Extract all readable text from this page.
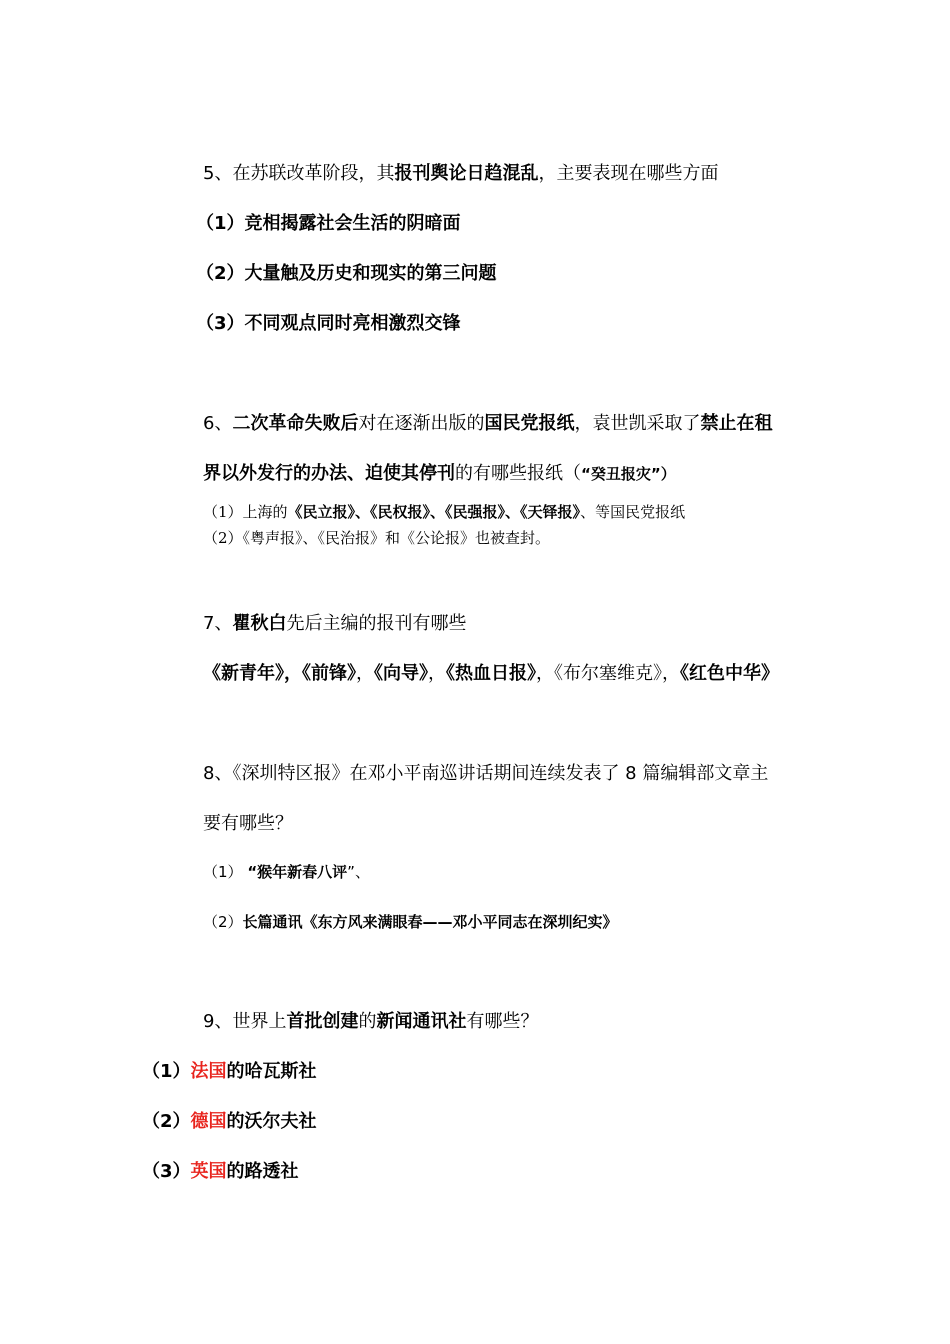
5、在苏联改革阶段，其报刊舆论日趋混乱，主要表现在哪些方面
（1）竞相揭露社会生活的阴暗面
（2）大量触及历史和现实的第三问题
（3）不同观点同时亮相激烈交锋
6、二次革命失败后对在逐渐出版的国民党报纸，袁世凯采取了禁止在租
界以外发行的办法、迫使其停刊的有哪些报纸（“癸丑报灾”）
（1）上海的《民立报》、《民权报》、《民强报》、《天铎报》、等国民党报纸
（2）《粤声报》、《民治报》和《公论报》也被查封。
7、瞿秋白先后主编的报刊有哪些
《新青年》，《前锋》，《向导》，《热血日报》，《布尔塞维克》，《红色中华》
8、《深圳特区报》在邓小平南巡讲话期间连续发表了 8 篇编辑部文章主
要有哪些？
（1） “猴年新春八评”、
（2）长篇通讯《东方风来满眼春——邓小平同志在深圳纪实》
9、世界上首批创建的新闻通讯社有哪些？
（1）法国的哈瓦斯社
（2）德国的沃尔夫社
（3）英国的路透社
